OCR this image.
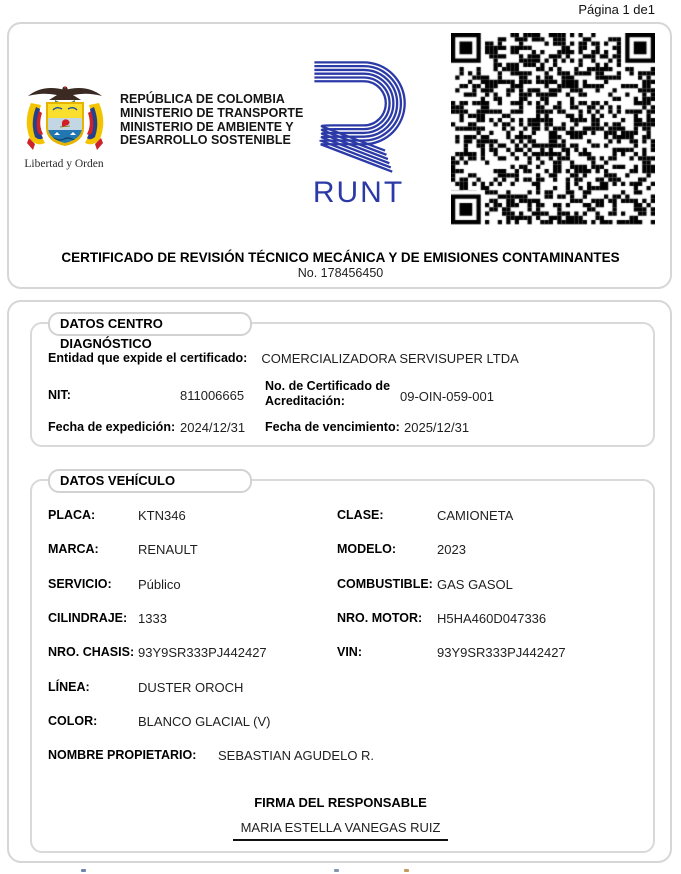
Página 1 de1
Libertad y Orden
REPÚBLICA DE COLOMBIA
MINISTERIO DE TRANSPORTE
MINISTERIO DE AMBIENTE Y
DESARROLLO SOSTENIBLE
RUNT
CERTIFICADO DE REVISIÓN TÉCNICO MECÁNICA Y DE EMISIONES CONTAMINANTES
No. 178456450
DATOS CENTRO DIAGNÓSTICO
Entidad que expide el certificado: COMERCIALIZADORA SERVISUPER LTDA
NIT:	811006665
No. de Certificado de Acreditación:	09-OIN-059-001
Fecha de expedición: 2024/12/31 Fecha de vencimiento: 2025/12/31
DATOS VEHÍCULO
PLACA:	KTN346	CLASE:	CAMIONETA
MARCA:	RENAULT	MODELO:	2023
SERVICIO: Público	COMBUSTIBLE: GAS GASOL
CILINDRAJE: 1333	NRO. MOTOR: H5HA460D047336
NRO. CHASIS: 93Y9SR333PJ442427	VIN:	93Y9SR333PJ442427
LÍNEA:	DUSTER OROCH
COLOR:	BLANCO GLACIAL (V)
NOMBRE PROPIETARIO: SEBASTIAN AGUDELO R.
FIRMA DEL RESPONSABLE
MARIA ESTELLA VANEGAS RUIZ
